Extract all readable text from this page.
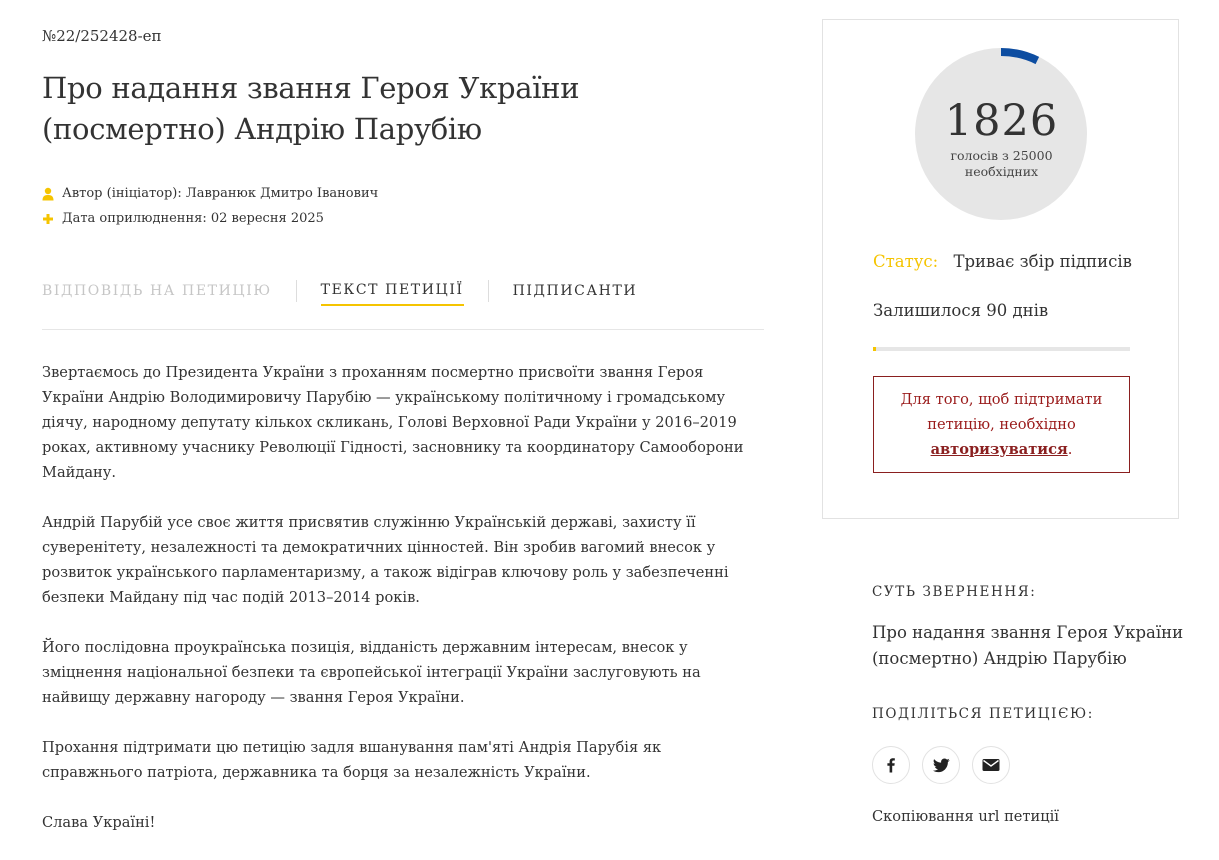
№22/252428-еп
Про надання звання Героя України
(посмертно) Андрію Парубію
Автор (ініціатор): Лавранюк Дмитро Іванович
Дата оприлюднення: 02 вересня 2025
ВІДПОВІДЬ НА ПЕТИЦІЮ	ТЕКСТ ПЕТИЦІЇ	ПІДПИСАНТИ

Звертаємось до Президента України з проханням посмертно присвоїти звання Героя України Андрію Володимировичу Парубію — українському політичному і громадському діячу, народному депутату кількох скликань, Голові Верховної Ради України у 2016–2019 роках, активному учаснику Революції Гідності, засновнику та координатору Самооборони Майдану.

Андрій Парубій усе своє життя присвятив служінню Українській державі, захисту її суверенітету, незалежності та демократичних цінностей. Він зробив вагомий внесок у розвиток українського парламентаризму, а також відіграв ключову роль у забезпеченні безпеки Майдану під час подій 2013–2014 років.

Його послідовна проукраїнська позиція, відданість державним інтересам, внесок у зміцнення національної безпеки та європейської інтеграції України заслуговують на найвищу державну нагороду — звання Героя України.

Прохання підтримати цю петицію задля вшанування пам'яті Андрія Парубія як справжнього патріота, державника та борця за незалежність України.

Слава Україні!

1826
голосів з 25000
необхідних
Статус: Триває збір підписів
Залишилося 90 днів
Для того, щоб підтримати петицію, необхідно
авторизуватися.
СУТЬ ЗВЕРНЕННЯ:
Про надання звання Героя України (посмертно) Андрію Парубію
ПОДІЛІТЬСЯ ПЕТИЦІЄЮ:
Скопіювання url петиції
